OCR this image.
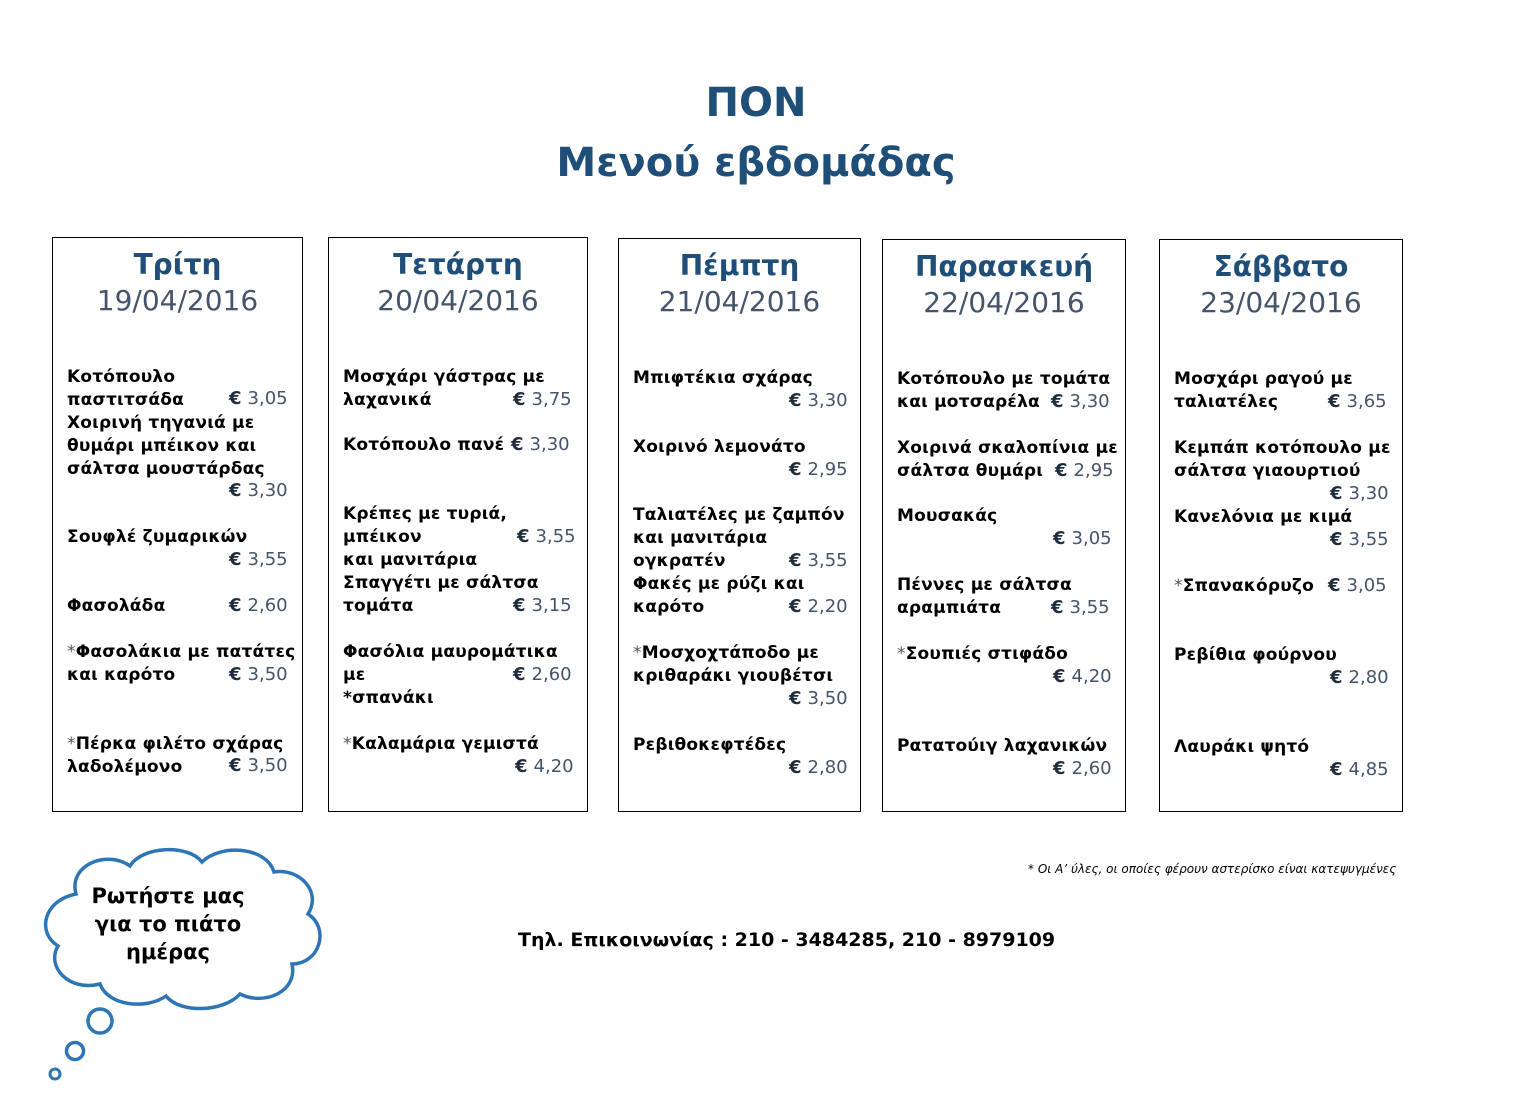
ΠΟΝ
Μενού εβδομάδας
Τρίτη
19/04/2016
Κοτόπουλο παστιτσάδα	€ 3,05
Χοιρινή τηγανιά με
θυμάρι μπέικον και
σάλτσα μουστάρδας
€ 3,30
Σουφλέ ζυμαρικών
€ 3,55
Φασολάδα	€ 2,60
*Φασολάκια με πατάτες
και καρότο	€ 3,50
*Πέρκα φιλέτο σχάρας
λαδολέμονο	€ 3,50
Τετάρτη
20/04/2016
Μοσχάρι γάστρας με
λαχανικά	€ 3,75
Κοτόπουλο πανέ € 3,30
Κρέπες με τυριά, μπέικον
και μανιτάρια
€ 3,55
Σπαγγέτι με σάλτσα
τομάτα	€ 3,15
Φασόλια μαυρομάτικα με
*σπανάκι
€ 2,60
*Καλαμάρια γεμιστά
€ 4,20
Πέμπτη
21/04/2016
Μπιφτέκια σχάρας
€ 3,30
Χοιρινό λεμονάτο
€ 2,95
Ταλιατέλες με ζαμπόν
και μανιτάρια ογκρατέν	€ 3,55
Φακές με ρύζι και
καρότο	€ 2,20
*Μοσχοχτάποδο με
κριθαράκι γιουβέτσι
€ 3,50
Ρεβιθοκεφτέδες
€ 2,80
Παρασκευή
22/04/2016
Κοτόπουλο με τομάτα
και μοτσαρέλα € 3,30
Χοιρινά σκαλοπίνια με
σάλτσα θυμάρι € 2,95
Μουσακάς
€ 3,05
Πέννες με σάλτσα
αραμπιάτα	€ 3,55
*Σουπιές στιφάδο
€ 4,20
Ρατατούιγ λαχανικών
€ 2,60
Σάββατο
23/04/2016
Μοσχάρι ραγού με
ταλιατέλες	€ 3,65
Κεμπάπ κοτόπουλο με
σάλτσα γιαουρτιού
€ 3,30
Κανελόνια με κιμά
€ 3,55
*Σπανακόρυζο € 3,05
Ρεβίθια φούρνου
€ 2,80
Λαυράκι ψητό
€ 4,85
* Οι Α’ ύλες, οι οποίες φέρουν αστερίσκο είναι κατεψυγμένες
Ρωτήστε μας
για το πιάτο
ημέρας	Τηλ. Επικοινωνίας : 210 - 3484285, 210 - 8979109
